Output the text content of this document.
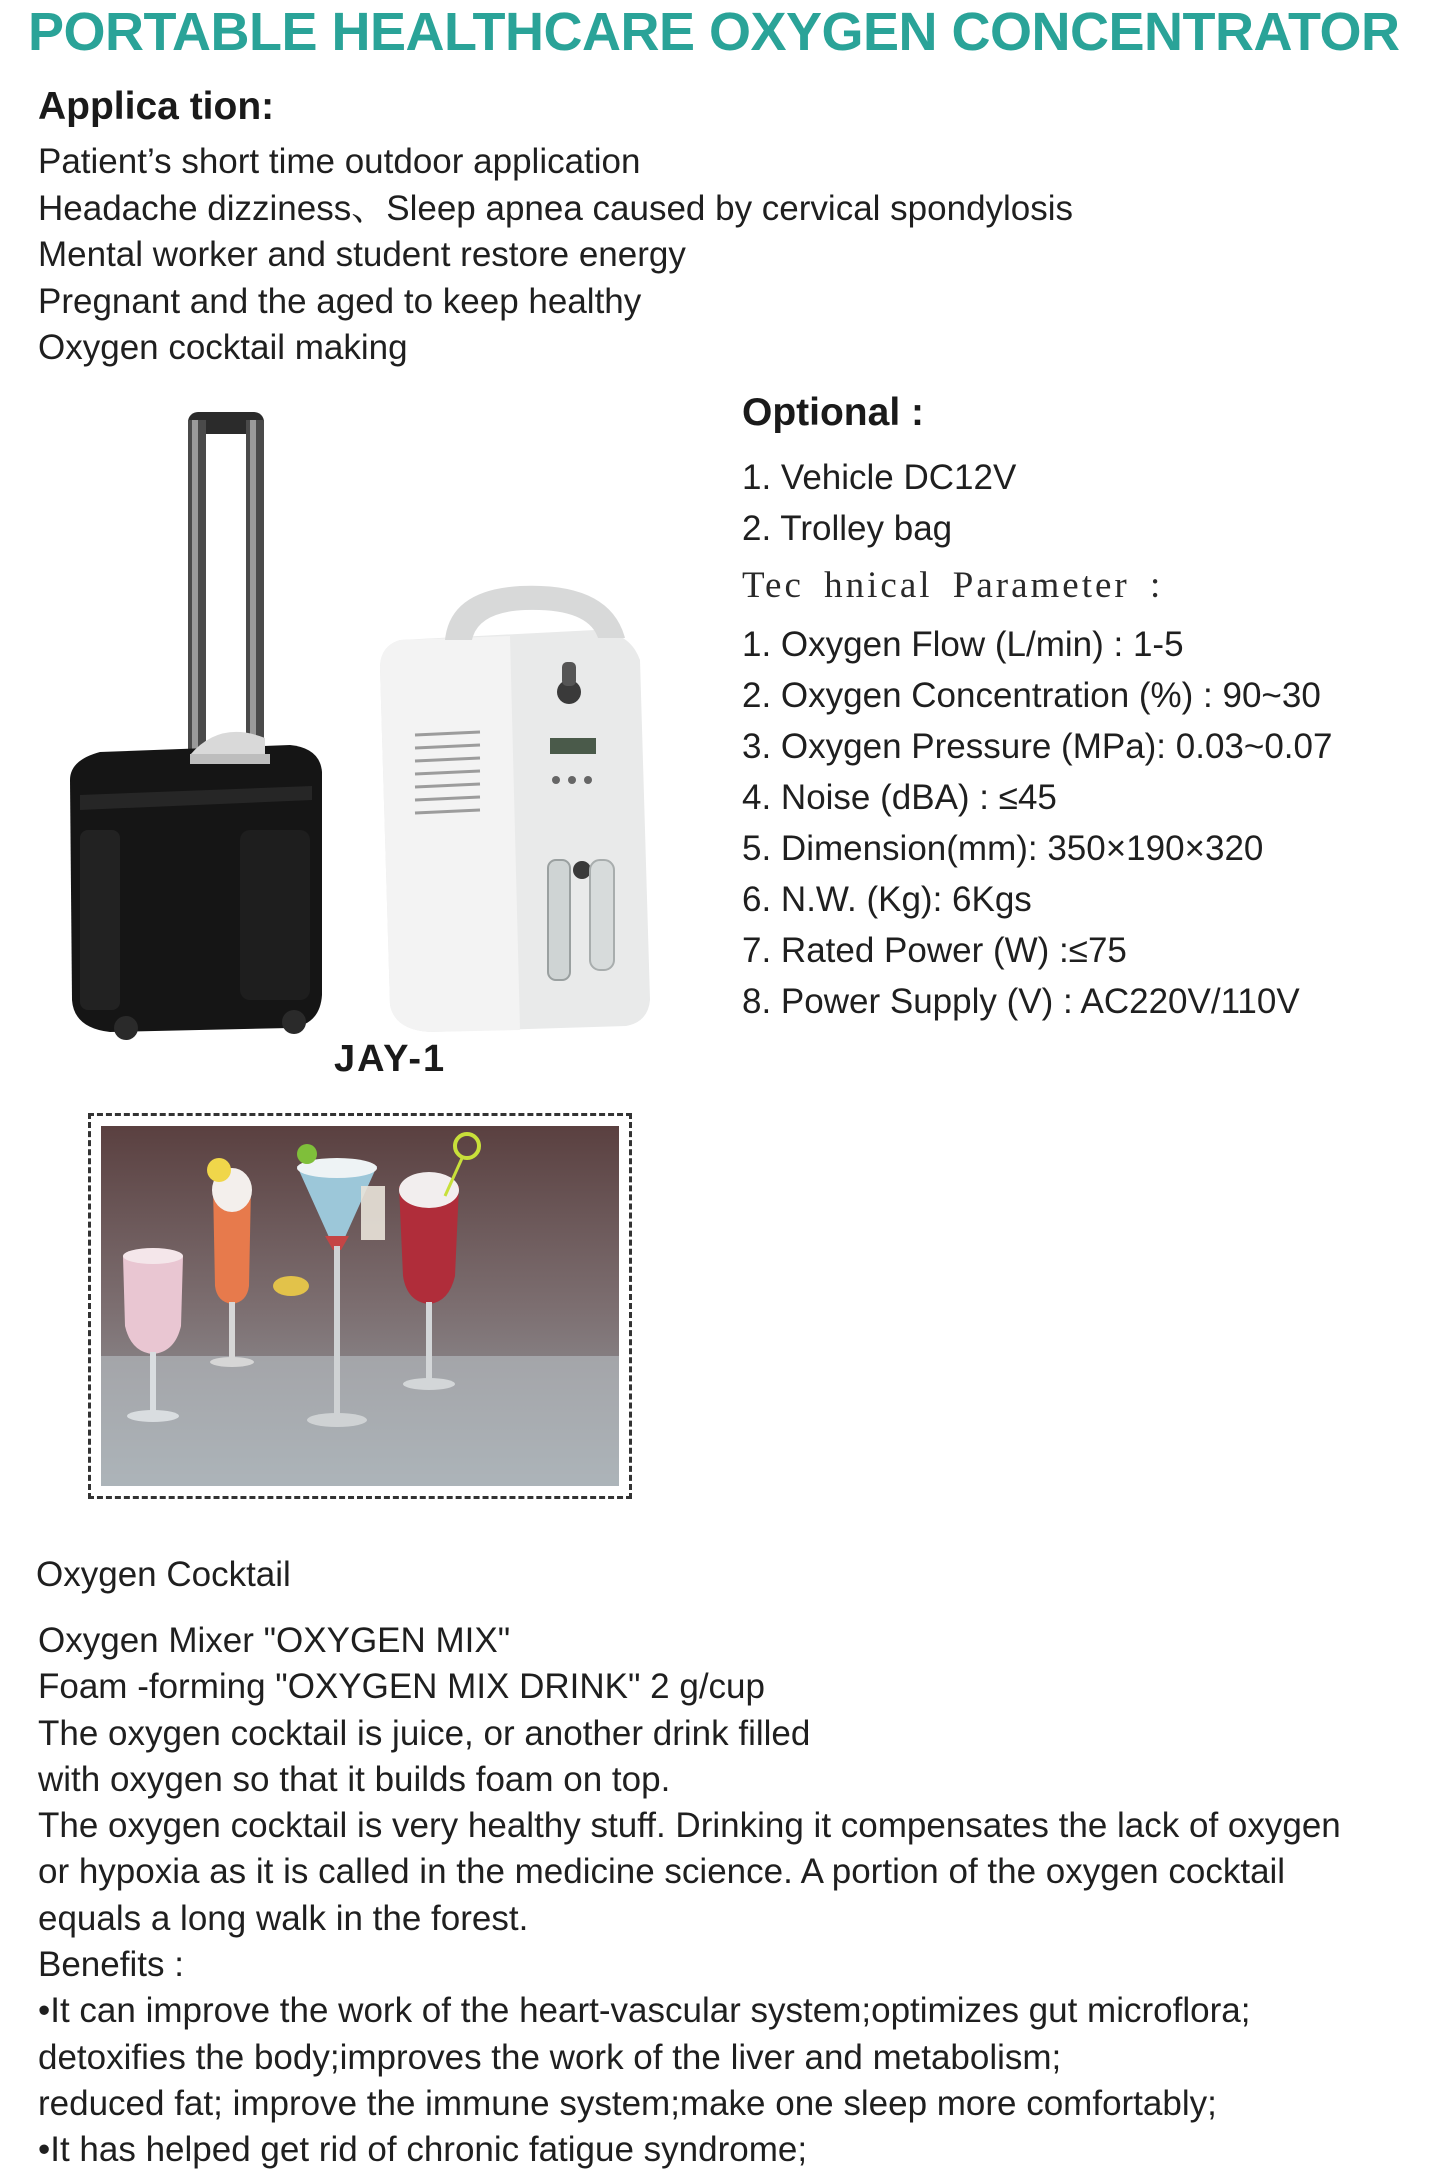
PORTABLE HEALTHCARE OXYGEN CONCENTRATOR
Applica tion:
Patient’s short time outdoor application
Headache dizziness、Sleep apnea caused by cervical spondylosis
Mental worker and student restore energy
Pregnant and the aged to keep healthy
Oxygen cocktail making
JAY-1
Optional :
1. Vehicle DC12V
2. Trolley bag
Tec hnical Parameter :
1. Oxygen Flow (L/min) : 1-5
2. Oxygen Concentration (%) : 90~30
3. Oxygen Pressure (MPa): 0.03~0.07
4. Noise (dBA) : ≤45
5. Dimension(mm): 350×190×320
6. N.W. (Kg): 6Kgs
7. Rated Power (W) :≤75
8. Power Supply (V) : AC220V/110V
Oxygen Cocktail
Oxygen Mixer "OXYGEN MIX"
Foam -forming "OXYGEN MIX DRINK" 2 g/cup
The oxygen cocktail is juice, or another drink filled
with oxygen so that it builds foam on top.
The oxygen cocktail is very healthy stuff. Drinking it compensates the lack of oxygen
or hypoxia as it is called in the medicine science. A portion of the oxygen cocktail
equals a long walk in the forest.
Benefits :
•It can improve the work of the heart-vascular system;optimizes gut microflora;
detoxifies the body;improves the work of the liver and metabolism;
reduced fat; improve the immune system;make one sleep more comfortably;
•It has helped get rid of chronic fatigue syndrome;
